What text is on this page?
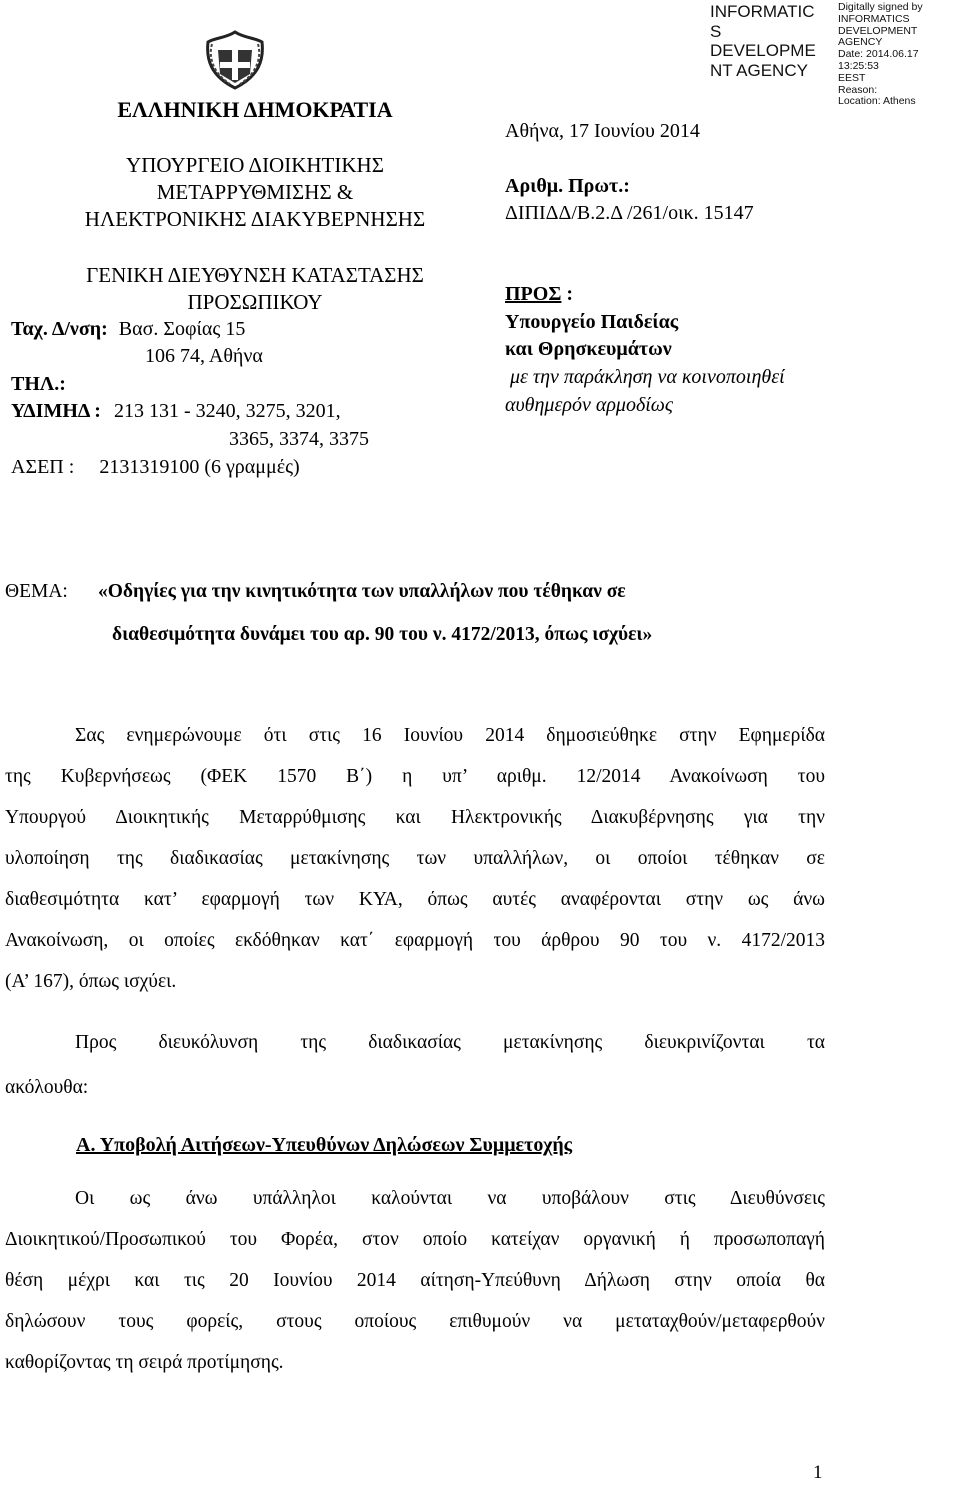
ΕΛΛΗΝΙΚΗ ΔΗΜΟΚΡΑΤΙΑ
ΥΠΟΥΡΓΕΙΟ ΔΙΟΙΚΗΤΙΚΗΣ
ΜΕΤΑΡΡΥΘΜΙΣΗΣ &
ΗΛΕΚΤΡΟΝΙΚΗΣ ΔΙΑΚΥΒΕΡΝΗΣΗΣ
ΓΕΝΙΚΗ ΔΙΕΥΘΥΝΣΗ ΚΑΤΑΣΤΑΣΗΣ
ΠΡΟΣΩΠΙΚΟΥ
Ταχ. Δ/νση: Βασ. Σοφίας 15
106 74, Αθήνα
ΤΗΛ.:
ΥΔΙΜΗΔ : 213 131 - 3240, 3275, 3201,
3365, 3374, 3375
ΑΣΕΠ : 2131319100 (6 γραμμές)
INFORMATIC
S
DEVELOPME
NT AGENCY
Digitally signed by
INFORMATICS
DEVELOPMENT AGENCY
Date: 2014.06.17 13:25:53
EEST
Reason:
Location: Athens
Αθήνα, 17 Ιουνίου 2014
Αριθμ. Πρωτ.:
ΔΙΠΙΔΔ/Β.2.Δ /261/οικ. 15147
ΠΡΟΣ :
Υπουργείο Παιδείας
και Θρησκευμάτων
με την παράκληση να κοινοποιηθεί
αυθημερόν αρμοδίως
ΘΕΜΑ: «Οδηγίες για την κινητικότητα των υπαλλήλων που τέθηκαν σε
διαθεσιμότητα δυνάμει του αρ. 90 του ν. 4172/2013, όπως ισχύει»
Σας ενημερώνουμε ότι στις 16 Ιουνίου 2014 δημοσιεύθηκε στην Εφημερίδα
της Κυβερνήσεως (ΦΕΚ 1570 Β΄) η υπ’ αριθμ. 12/2014 Ανακοίνωση του
Υπουργού Διοικητικής Μεταρρύθμισης και Ηλεκτρονικής Διακυβέρνησης για την
υλοποίηση της διαδικασίας μετακίνησης των υπαλλήλων, οι οποίοι τέθηκαν σε
διαθεσιμότητα κατ’ εφαρμογή των ΚΥΑ, όπως αυτές αναφέρονται στην ως άνω
Ανακοίνωση, οι οποίες εκδόθηκαν κατ΄ εφαρμογή του άρθρου 90 του ν. 4172/2013
(Α’ 167), όπως ισχύει.
Προς διευκόλυνση της διαδικασίας μετακίνησης διευκρινίζονται τα
ακόλουθα:
Α. Υποβολή Αιτήσεων-Υπευθύνων Δηλώσεων Συμμετοχής
Οι ως άνω υπάλληλοι καλούνται να υποβάλουν στις Διευθύνσεις
Διοικητικού/Προσωπικού του Φορέα, στον οποίο κατείχαν οργανική ή προσωποπαγή
θέση μέχρι και τις 20 Ιουνίου 2014 αίτηση-Υπεύθυνη Δήλωση στην οποία θα
δηλώσουν τους φορείς, στους οποίους επιθυμούν να μεταταχθούν/μεταφερθούν
καθορίζοντας τη σειρά προτίμησης.
1
